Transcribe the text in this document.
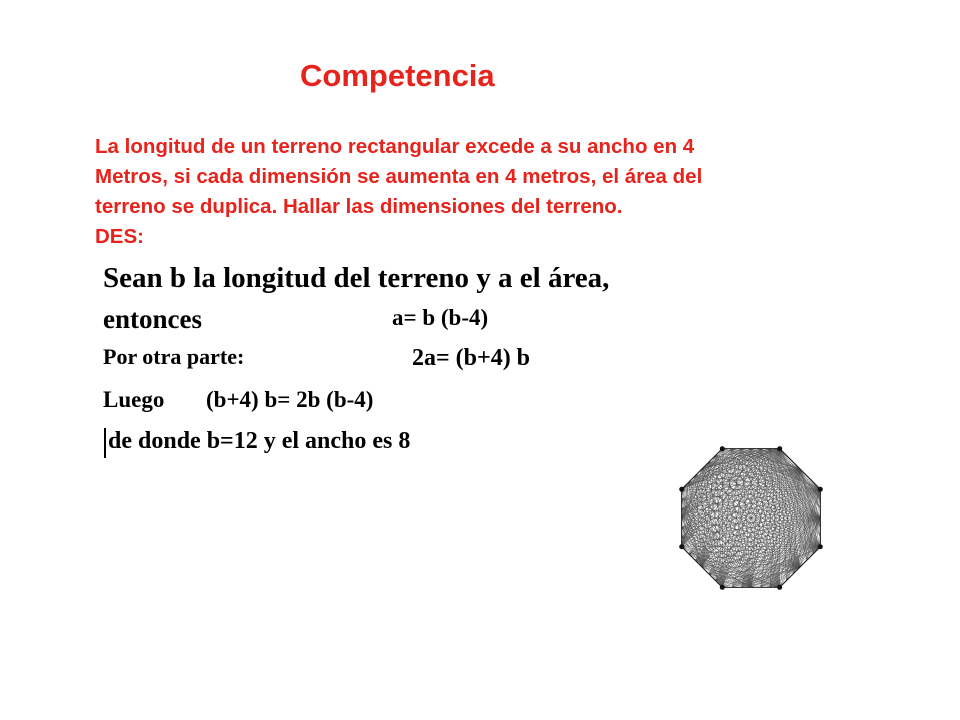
Competencia
La longitud de un terreno rectangular excede a su ancho en 4
Metros, si cada dimensión se aumenta en 4 metros, el área del
terreno se duplica. Hallar las dimensiones del terreno.
DES:
Sean b la longitud del terreno y a el área,
entonces	a= b (b-4)
Por otra parte:	2a= (b+4) b
Luego (b+4) b= 2b (b-4)
de donde b=12 y el ancho es 8
